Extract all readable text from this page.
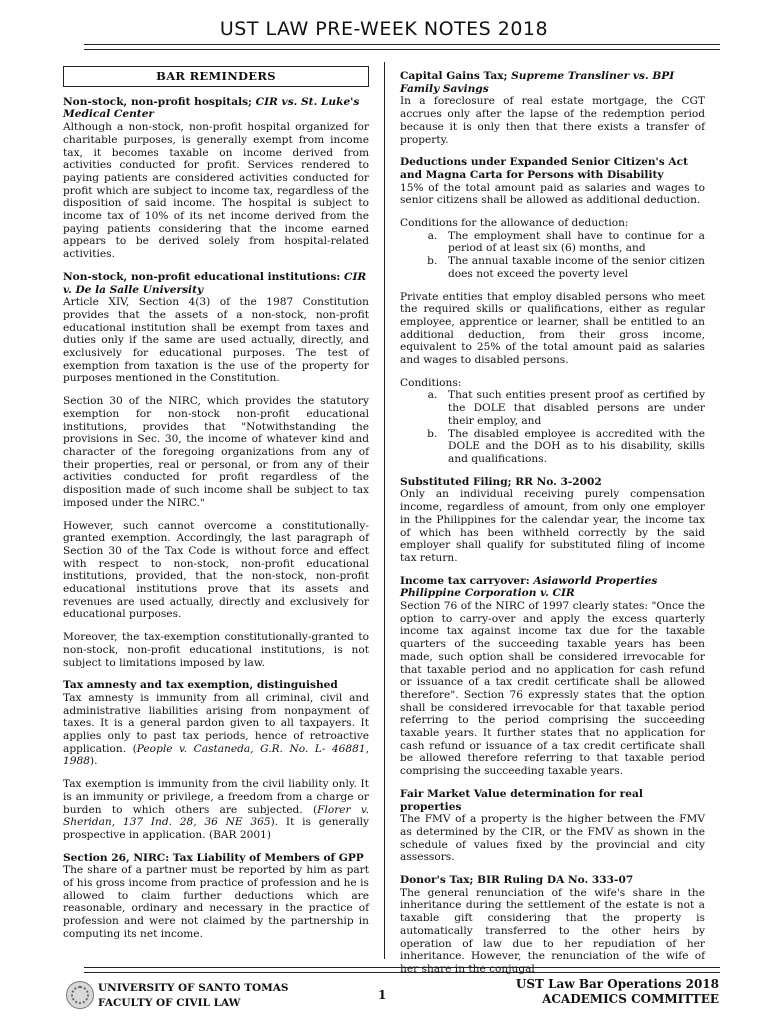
UST LAW PRE-WEEK NOTES 2018
BAR REMINDERS
Non-stock, non-profit hospitals; CIR vs. St. Luke's Medical Center

Although a non-stock, non-profit hospital organized for charitable purposes, is generally exempt from income tax, it becomes taxable on income derived from activities conducted for profit. Services rendered to paying patients are considered activities conducted for profit which are subject to income tax, regardless of the disposition of said income. The hospital is subject to income tax of 10% of its net income derived from the paying patients considering that the income earned appears to be derived solely from hospital-related activities.

Non-stock, non-profit educational institutions: CIR v. De la Salle University

Article XIV, Section 4(3) of the 1987 Constitution provides that the assets of a non-stock, non-profit educational institution shall be exempt from taxes and duties only if the same are used actually, directly, and exclusively for educational purposes. The test of exemption from taxation is the use of the property for purposes mentioned in the Constitution.

Section 30 of the NIRC, which provides the statutory exemption for non-stock non-profit educational institutions, provides that "Notwithstanding the provisions in Sec. 30, the income of whatever kind and character of the foregoing organizations from any of their properties, real or personal, or from any of their activities conducted for profit regardless of the disposition made of such income shall be subject to tax imposed under the NIRC."

However, such cannot overcome a constitutionally-granted exemption. Accordingly, the last paragraph of Section 30 of the Tax Code is without force and effect with respect to non-stock, non-profit educational institutions, provided, that the non-stock, non-profit educational institutions prove that its assets and revenues are used actually, directly and exclusively for educational purposes.

Moreover, the tax-exemption constitutionally-granted to non-stock, non-profit educational institutions, is not subject to limitations imposed by law.

Tax amnesty and tax exemption, distinguished

Tax amnesty is immunity from all criminal, civil and administrative liabilities arising from nonpayment of taxes. It is a general pardon given to all taxpayers. It applies only to past tax periods, hence of retroactive application. (People v. Castaneda, G.R. No. L- 46881, 1988).

Tax exemption is immunity from the civil liability only. It is an immunity or privilege, a freedom from a charge or burden to which others are subjected. (Florer v. Sheridan, 137 Ind. 28, 36 NE 365). It is generally prospective in application. (BAR 2001)

Section 26, NIRC: Tax Liability of Members of GPP

The share of a partner must be reported by him as part of his gross income from practice of profession and he is allowed to claim further deductions which are reasonable, ordinary and necessary in the practice of profession and were not claimed by the partnership in computing its net income.

Capital Gains Tax; Supreme Transliner vs. BPI Family Savings

In a foreclosure of real estate mortgage, the CGT accrues only after the lapse of the redemption period because it is only then that there exists a transfer of property.

Deductions under Expanded Senior Citizen's Act and Magna Carta for Persons with Disability

15% of the total amount paid as salaries and wages to senior citizens shall be allowed as additional deduction.

Conditions for the allowance of deduction:

a. The employment shall have to continue for a period of at least six (6) months, and
b. The annual taxable income of the senior citizen does not exceed the poverty level

Private entities that employ disabled persons who meet the required skills or qualifications, either as regular employee, apprentice or learner, shall be entitled to an additional deduction, from their gross income, equivalent to 25% of the total amount paid as salaries and wages to disabled persons.

Conditions:

a. That such entities present proof as certified by the DOLE that disabled persons are under their employ, and
b. The disabled employee is accredited with the DOLE and the DOH as to his disability, skills and qualifications.
Substituted Filing; RR No. 3-2002

Only an individual receiving purely compensation income, regardless of amount, from only one employer in the Philippines for the calendar year, the income tax of which has been withheld correctly by the said employer shall qualify for substituted filing of income tax return.

Income tax carryover: Asiaworld Properties Philippine Corporation v. CIR

Section 76 of the NIRC of 1997 clearly states: "Once the option to carry-over and apply the excess quarterly income tax against income tax due for the taxable quarters of the succeeding taxable years has been made, such option shall be considered irrevocable for that taxable period and no application for cash refund or issuance of a tax credit certificate shall be allowed therefore". Section 76 expressly states that the option shall be considered irrevocable for that taxable period referring to the period comprising the succeeding taxable years. It further states that no application for cash refund or issuance of a tax credit certificate shall be allowed therefore referring to that taxable period comprising the succeeding taxable years.

Fair Market Value determination for real properties

The FMV of a property is the higher between the FMV as determined by the CIR, or the FMV as shown in the schedule of values fixed by the provincial and city assessors.

Donor's Tax; BIR Ruling DA No. 333-07

The general renunciation of the wife's share in the inheritance during the settlement of the estate is not a taxable gift considering that the property is automatically transferred to the other heirs by operation of law due to her repudiation of her inheritance. However, the renunciation of the wife of her share in the conjugal

UNIVERSITY OF SANTO TOMAS
FACULTY OF CIVIL LAW
1
UST Law Bar Operations 2018
ACADEMICS COMMITTEE
